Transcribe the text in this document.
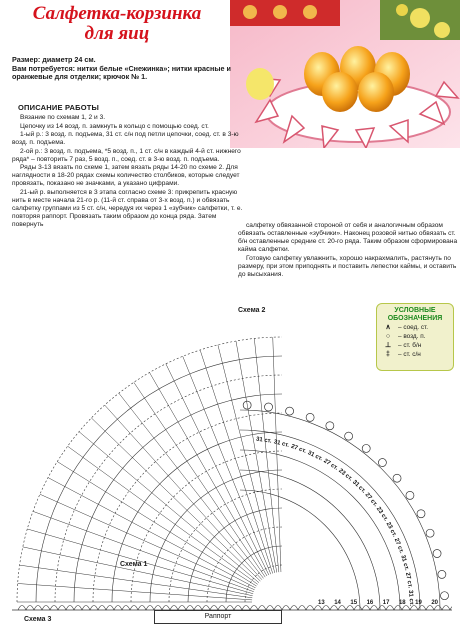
Салфетка-корзинка
для яиц

Размер: диаметр 24 см.

Вам потребуется: нитки белые «Снежинка»; нитки красные и оранжевые для отделки; крючок № 1.

ОПИСАНИЕ РАБОТЫ

Вязание по схемам 1, 2 и 3.

Цепочку из 14 возд. п. замкнуть в кольцо с помощью соед. ст.

1-ый р.: 3 возд. п. подъема, 31 ст. с/н под петли цепочки, соед. ст. в 3-ю возд. п. подъема.

2-ой р.: 3 возд. п. подъема, *5 возд. п., 1 ст. с/н в каждый 4-й ст. нижнего ряда* – повторить 7 раз, 5 возд. п., соед. ст. в 3-ю возд. п. подъема.

Ряды 3-13 вязать по схеме 1, затем вязать ряды 14-20 по схеме 2. Для наглядности в 18-20 рядах схемы количество столбиков, которые следует провязать, показано не значками, а указано цифрами.

21-ый р. выполняется в 3 этапа согласно схеме 3: прикрепить красную нить в месте начала 21-го р. (11-й ст. справа от 3-х возд. п.) и обвязать салфетку группами из 5 ст. с/н, чередуя их через 1 «зубчик» салфетки, т. е. повторяя раппорт. Провязать таким образом до конца ряда. Затем повернуть	салфетку обвязанной стороной от себя и аналогичным образом обвязать оставленные «зубчики». Наконец розовой нитью обвязать ст. б/н оставленные средние ст. 20-го ряда. Таким образом сформирована кайма салфетки.

Готовую салфетку увлажнить, хорошо накрахмалить, растянуть по размеру, при этом приподнять и поставить лепестки каймы, и оставить до высыхания.

УСЛОВНЫЕ
ОБОЗНАЧЕНИЯ
∧	– соед. ст.
○	– возд. п.
⊥	– ст. б/н
‡	– ст. с/н
Схема 1
31 ст. 31 ст. 27 ст.
31 ст.
27 ст.
23 ст.
31 ст.
27 ст.
23 ст.
23 ст.
27 ст.
31 ст.
27 ст.
31 ст.
Схема 2
13 14 15 16 17 18 19 20
Раппорт
Схема 3
